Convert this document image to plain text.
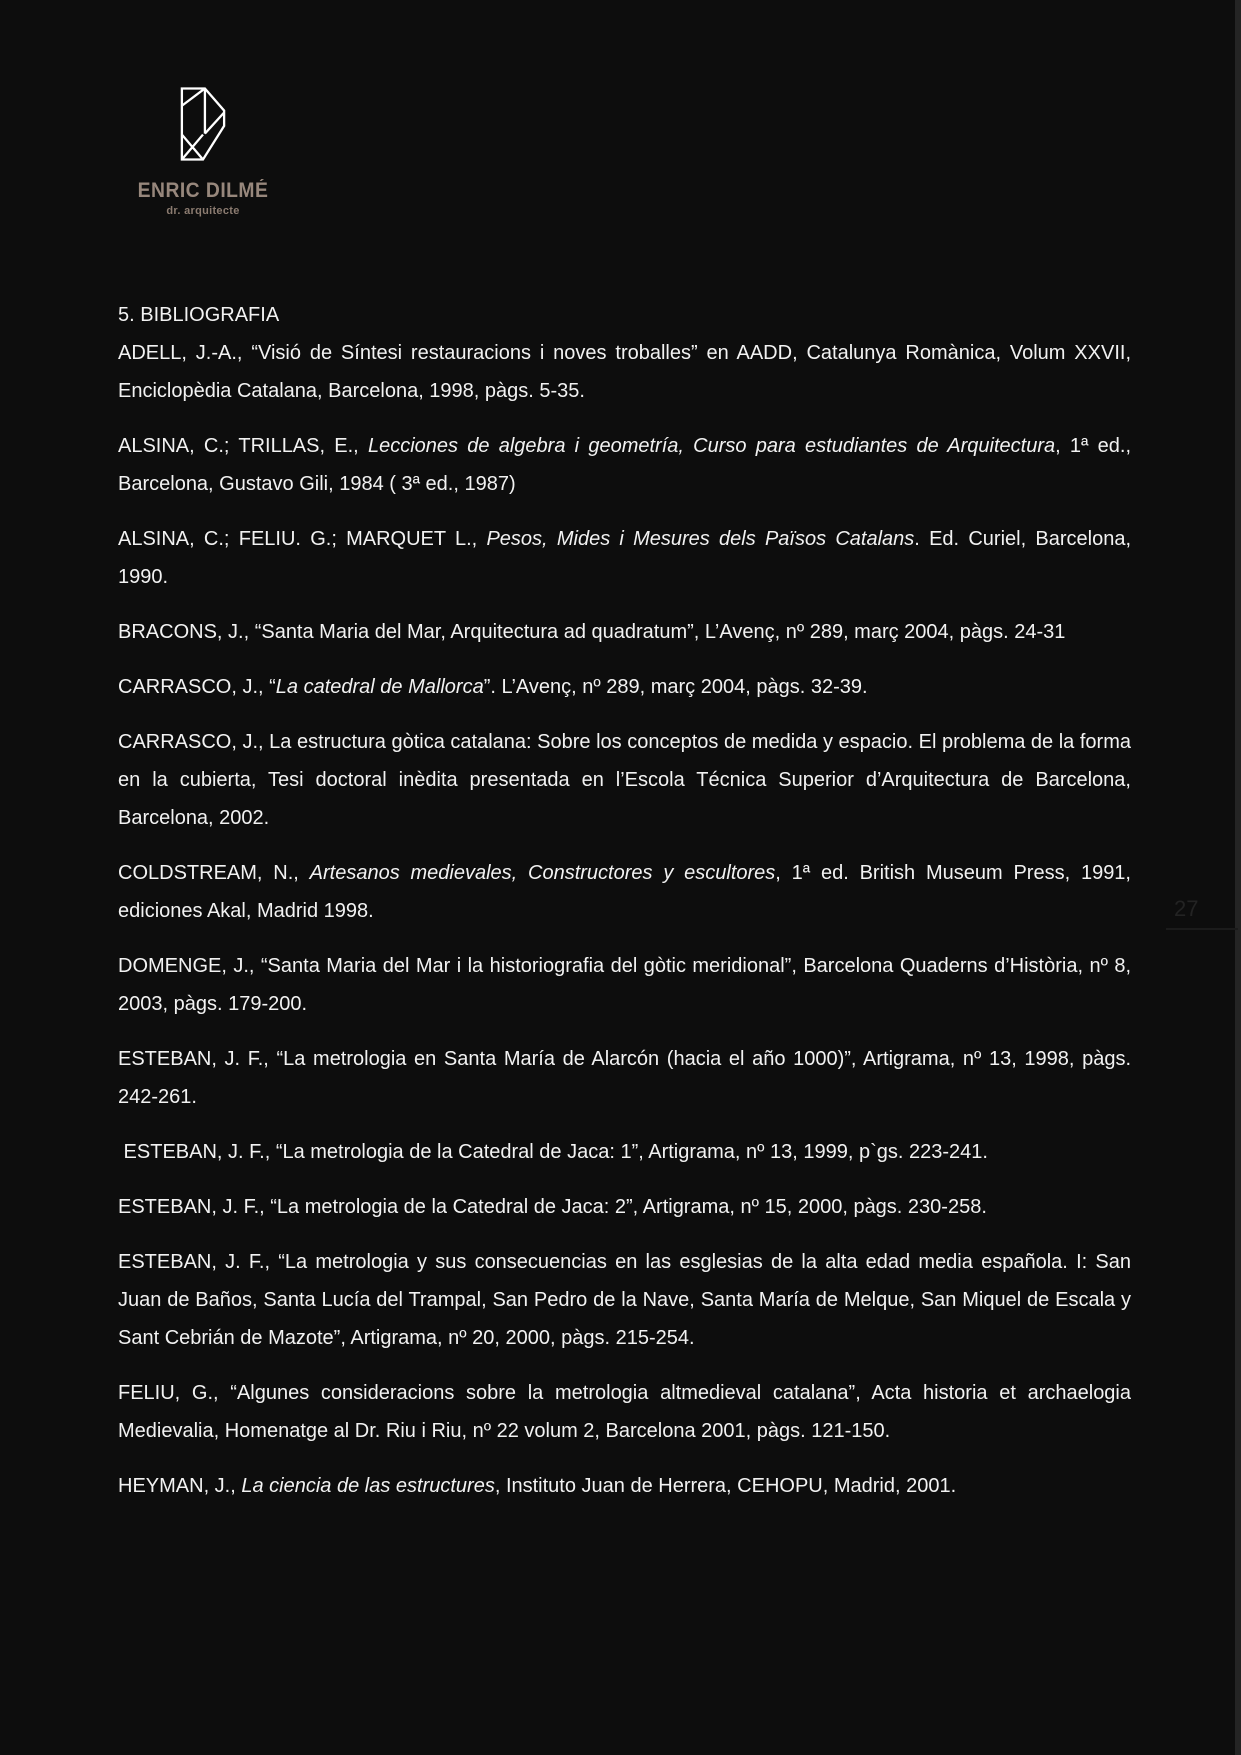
ENRIC DILMÉ
dr. arquitecte

5. BIBLIOGRAFIA

ADELL, J.-A., “Visió de Síntesi restauracions i noves troballes” en AADD, Catalunya Romànica, Volum XXVII, Enciclopèdia Catalana, Barcelona, 1998, pàgs. 5-35.

ALSINA, C.; TRILLAS, E., Lecciones de algebra i geometría, Curso para estudiantes de Arquitectura, 1ª ed., Barcelona, Gustavo Gili, 1984 ( 3ª ed., 1987)

ALSINA, C.; FELIU. G.; MARQUET L., Pesos, Mides i Mesures dels Països Catalans. Ed. Curiel, Barcelona, 1990.

BRACONS, J., “Santa Maria del Mar, Arquitectura ad quadratum”, L’Avenç, nº 289, març 2004, pàgs. 24-31

CARRASCO, J., “La catedral de Mallorca”. L’Avenç, nº 289, març 2004, pàgs. 32-39.

CARRASCO, J., La estructura gòtica catalana: Sobre los conceptos de medida y espacio. El problema de la forma en la cubierta, Tesi doctoral inèdita presentada en l’Escola Técnica Superior d’Arquitectura de Barcelona, Barcelona, 2002.

COLDSTREAM, N., Artesanos medievales, Constructores y escultores, 1ª ed. British Museum Press, 1991, ediciones Akal, Madrid 1998.

DOMENGE, J., “Santa Maria del Mar i la historiografia del gòtic meridional”, Barcelona Quaderns d’Història, nº 8, 2003, pàgs. 179-200.

ESTEBAN, J. F., “La metrologia en Santa María de Alarcón (hacia el año 1000)”, Artigrama, nº 13, 1998, pàgs. 242-261.

ESTEBAN, J. F., “La metrologia de la Catedral de Jaca: 1”, Artigrama, nº 13, 1999, p`gs. 223-241.

ESTEBAN, J. F., “La metrologia de la Catedral de Jaca: 2”, Artigrama, nº 15, 2000, pàgs. 230-258.

ESTEBAN, J. F., “La metrologia y sus consecuencias en las esglesias de la alta edad media española. I: San Juan de Baños, Santa Lucía del Trampal, San Pedro de la Nave, Santa María de Melque, San Miquel de Escala y Sant Cebrián de Mazote”, Artigrama, nº 20, 2000, pàgs. 215-254.

FELIU, G., “Algunes consideracions sobre la metrologia altmedieval catalana”, Acta historia et archaelogia Medievalia, Homenatge al Dr. Riu i Riu, nº 22 volum 2, Barcelona 2001, pàgs. 121-150.

HEYMAN, J., La ciencia de las estructures, Instituto Juan de Herrera, CEHOPU, Madrid, 2001.

27
